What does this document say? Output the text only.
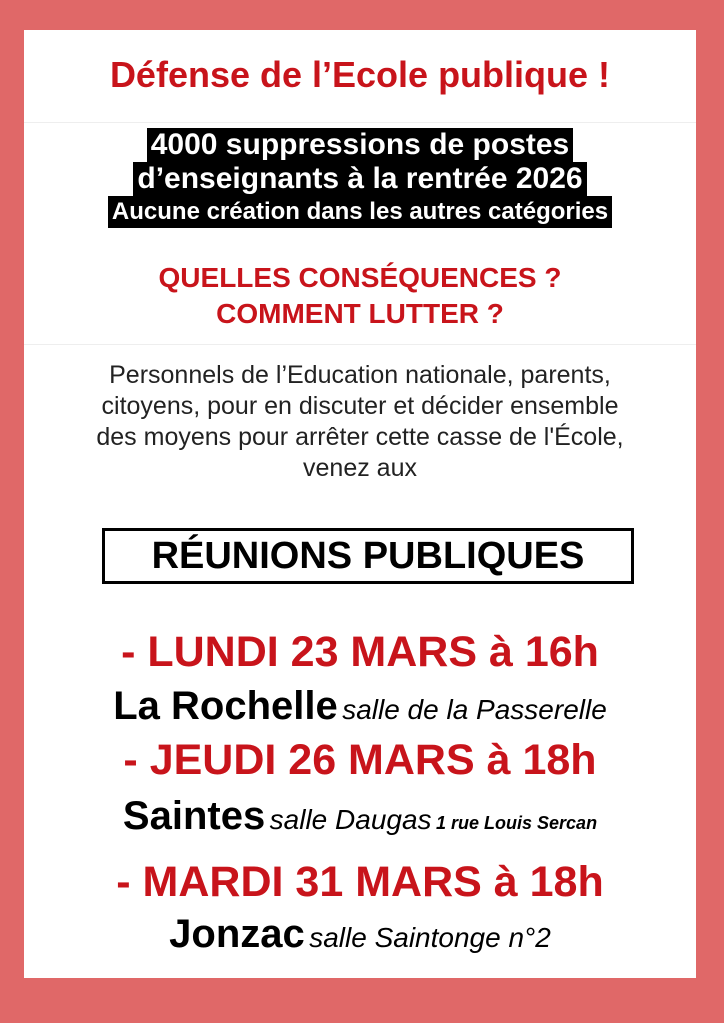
Défense de l’Ecole publique !
4000 suppressions de postes
d’enseignants à la rentrée 2026
Aucune création dans les autres catégories
QUELLES CONSÉQUENCES ?
COMMENT LUTTER ?
Personnels de l’Education nationale, parents,
citoyens, pour en discuter et décider ensemble
des moyens pour arrêter cette casse de l'École,
venez aux
RÉUNIONS PUBLIQUES
- LUNDI 23 MARS à 16h
La Rochelle salle de la Passerelle
- JEUDI 26 MARS à 18h
Saintes salle Daugas 1 rue Louis Sercan
- MARDI 31 MARS à 18h
Jonzac salle Saintonge n°2
